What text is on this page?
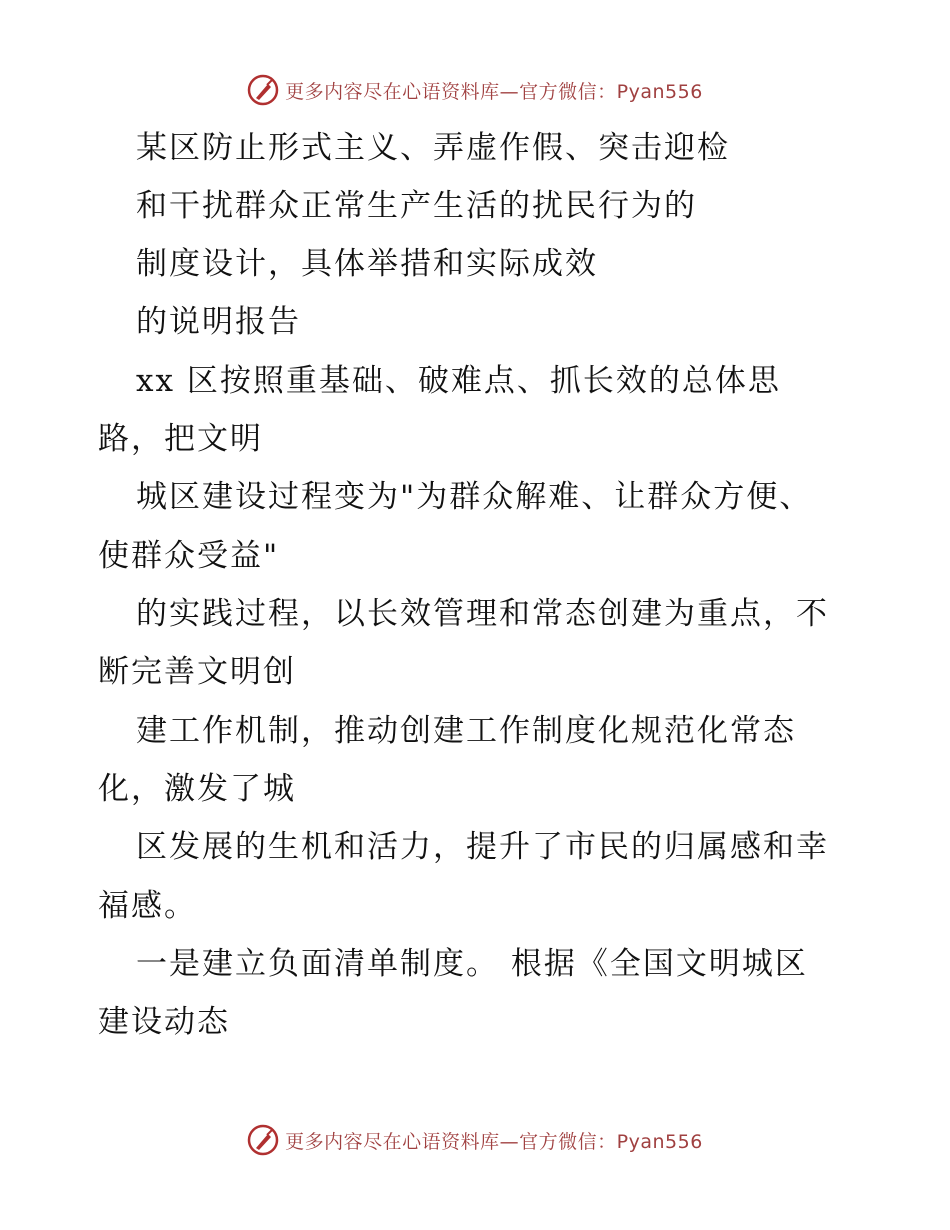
更多内容尽在心语资料库—官方微信：Pyan556
某区防止形式主义、弄虚作假、突击迎检
和干扰群众正常生产生活的扰民行为的
制度设计，具体举措和实际成效
的说明报告
xx 区按照重基础、破难点、抓长效的总体思
路，把文明
城区建设过程变为"为群众解难、让群众方便、
使群众受益"
的实践过程，以长效管理和常态创建为重点，不
断完善文明创
建工作机制，推动创建工作制度化规范化常态
化，激发了城
区发展的生机和活力，提升了市民的归属感和幸
福感。
一是建立负面清单制度。 根据《全国文明城区
建设动态
更多内容尽在心语资料库—官方微信：Pyan556
